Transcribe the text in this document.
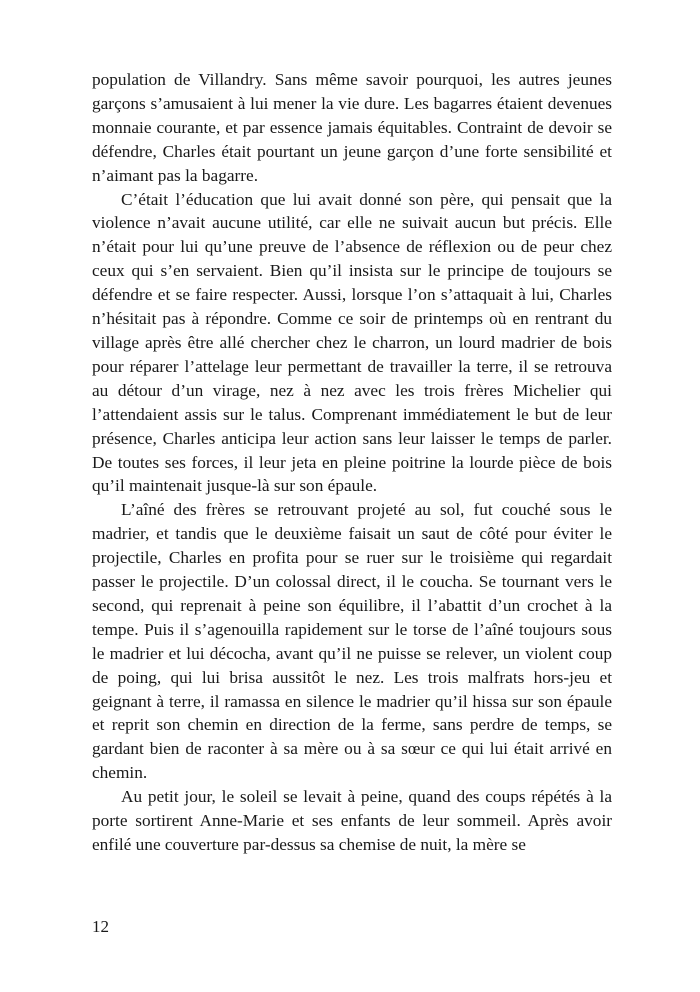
population de Villandry. Sans même savoir pourquoi, les autres jeunes garçons s’amusaient à lui mener la vie dure. Les bagarres étaient devenues monnaie courante, et par essence jamais équitables. Contraint de devoir se défendre, Charles était pourtant un jeune garçon d’une forte sensibilité et n’aimant pas la bagarre.

C’était l’éducation que lui avait donné son père, qui pensait que la violence n’avait aucune utilité, car elle ne suivait aucun but précis. Elle n’était pour lui qu’une preuve de l’absence de réflexion ou de peur chez ceux qui s’en servaient. Bien qu’il insista sur le principe de toujours se défendre et se faire respecter. Aussi, lorsque l’on s’attaquait à lui, Charles n’hésitait pas à répondre. Comme ce soir de printemps où en rentrant du village après être allé chercher chez le charron, un lourd madrier de bois pour réparer l’attelage leur permettant de travailler la terre, il se retrouva au détour d’un virage, nez à nez avec les trois frères Michelier qui l’attendaient assis sur le talus. Comprenant immédiatement le but de leur présence, Charles anticipa leur action sans leur laisser le temps de parler. De toutes ses forces, il leur jeta en pleine poitrine la lourde pièce de bois qu’il maintenait jusque-là sur son épaule.

L’aîné des frères se retrouvant projeté au sol, fut couché sous le madrier, et tandis que le deuxième faisait un saut de côté pour éviter le projectile, Charles en profita pour se ruer sur le troisième qui regardait passer le projectile. D’un colossal direct, il le coucha. Se tournant vers le second, qui reprenait à peine son équilibre, il l’abattit d’un crochet à la tempe. Puis il s’agenouilla rapidement sur le torse de l’aîné toujours sous le madrier et lui décocha, avant qu’il ne puisse se relever, un violent coup de poing, qui lui brisa aussitôt le nez. Les trois malfrats hors-jeu et geignant à terre, il ramassa en silence le madrier qu’il hissa sur son épaule et reprit son chemin en direction de la ferme, sans perdre de temps, se gardant bien de raconter à sa mère ou à sa sœur ce qui lui était arrivé en chemin.

Au petit jour, le soleil se levait à peine, quand des coups répétés à la porte sortirent Anne-Marie et ses enfants de leur sommeil. Après avoir enfilé une couverture par-dessus sa chemise de nuit, la mère se

12
